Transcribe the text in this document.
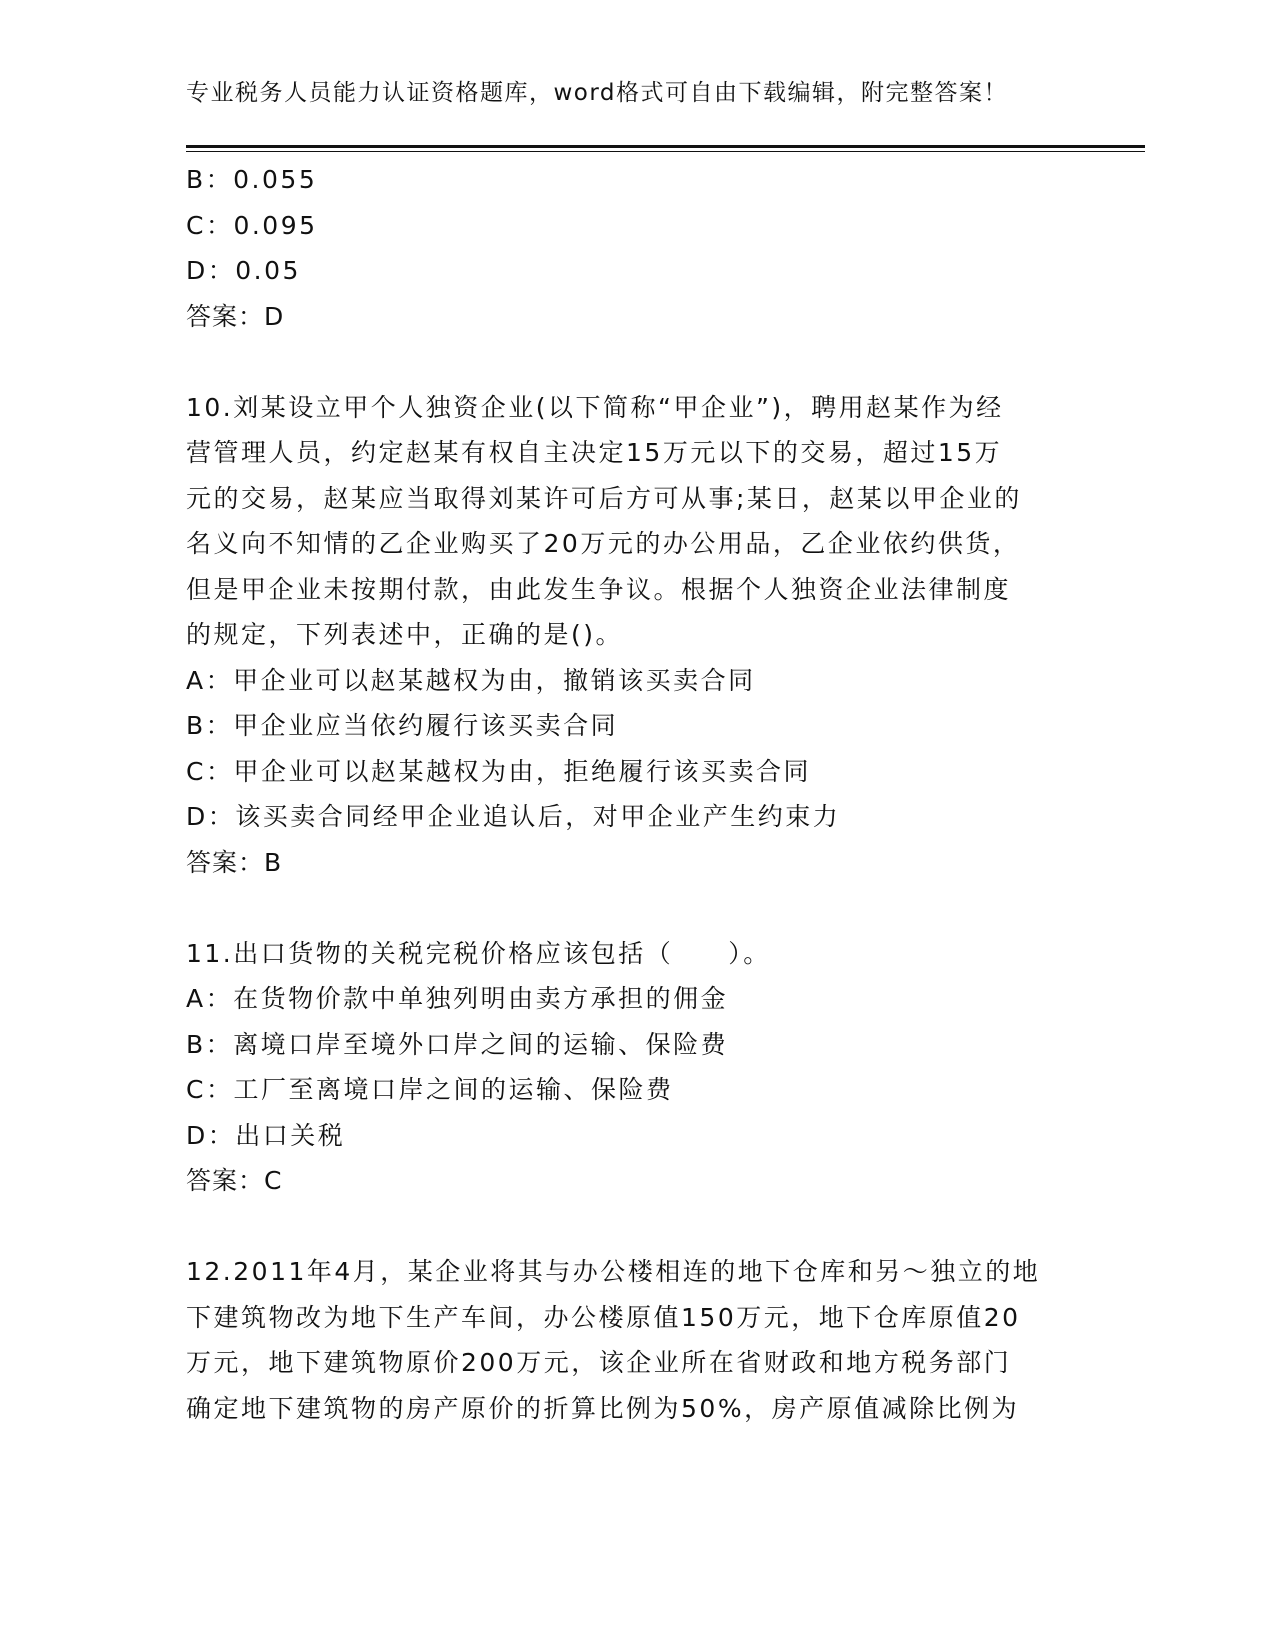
专业税务人员能力认证资格题库，word格式可自由下载编辑，附完整答案！
B：0.055
C：0.095
D：0.05
答案：D
10.刘某设立甲个人独资企业(以下简称“甲企业”)，聘用赵某作为经
营管理人员，约定赵某有权自主决定15万元以下的交易，超过15万
元的交易，赵某应当取得刘某许可后方可从事;某日，赵某以甲企业的
名义向不知情的乙企业购买了20万元的办公用品，乙企业依约供货，
但是甲企业未按期付款，由此发生争议。根据个人独资企业法律制度
的规定，下列表述中，正确的是()。
A：甲企业可以赵某越权为由，撤销该买卖合同
B：甲企业应当依约履行该买卖合同
C：甲企业可以赵某越权为由，拒绝履行该买卖合同
D：该买卖合同经甲企业追认后，对甲企业产生约束力
答案：B
11.出口货物的关税完税价格应该包括（　　）。
A：在货物价款中单独列明由卖方承担的佣金
B：离境口岸至境外口岸之间的运输、保险费
C：工厂至离境口岸之间的运输、保险费
D：出口关税
答案：C
12.2011年4月，某企业将其与办公楼相连的地下仓库和另～独立的地
下建筑物改为地下生产车间，办公楼原值150万元，地下仓库原值20
万元，地下建筑物原价200万元，该企业所在省财政和地方税务部门
确定地下建筑物的房产原价的折算比例为50%，房产原值减除比例为
